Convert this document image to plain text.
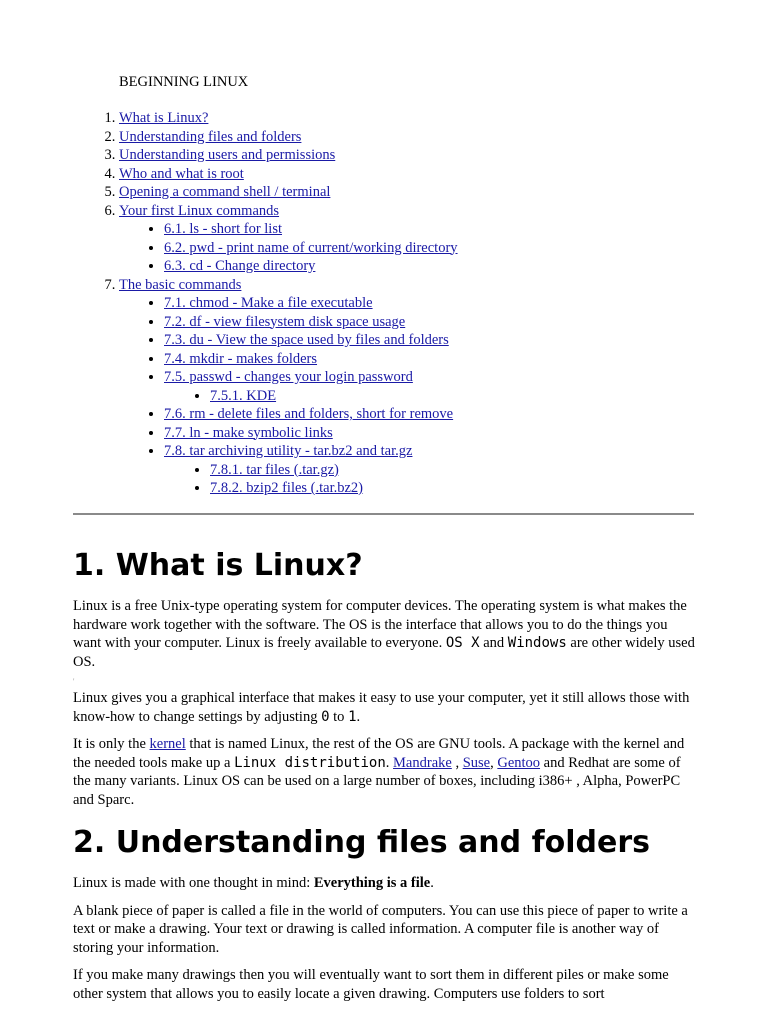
BEGINNING LINUX
1. What is Linux?
2. Understanding files and folders
3. Understanding users and permissions
4. Who and what is root
5. Opening a command shell / terminal
6. Your first Linux commands
• 6.1. ls - short for list
• 6.2. pwd - print name of current/working directory
• 6.3. cd - Change directory
7. The basic commands
• 7.1. chmod - Make a file executable
• 7.2. df - view filesystem disk space usage
• 7.3. du - View the space used by files and folders
• 7.4. mkdir - makes folders
• 7.5. passwd - changes your login password
• 7.5.1. KDE
• 7.6. rm - delete files and folders, short for remove
• 7.7. ln - make symbolic links
• 7.8. tar archiving utility - tar.bz2 and tar.gz
• 7.8.1. tar files (.tar.gz)
• 7.8.2. bzip2 files (.tar.bz2)
1. What is Linux?

Linux is a free Unix-type operating system for computer devices. The operating system is what makes the hardware work together with the software. The OS is the interface that allows you to do the things you want with your computer. Linux is freely available to everyone. OS X and Windows are other widely used OS.

'

Linux gives you a graphical interface that makes it easy to use your computer, yet it still allows those with know-how to change settings by adjusting 0 to 1.

It is only the kernel that is named Linux, the rest of the OS are GNU tools. A package with the kernel and the needed tools make up a Linux distribution. Mandrake , Suse, Gentoo and Redhat are some of the many variants. Linux OS can be used on a large number of boxes, including i386+ , Alpha, PowerPC and Sparc.

2. Understanding files and folders

Linux is made with one thought in mind: Everything is a file.

A blank piece of paper is called a file in the world of computers. You can use this piece of paper to write a text or make a drawing. Your text or drawing is called information. A computer file is another way of storing your information.

If you make many drawings then you will eventually want to sort them in different piles or make some other system that allows you to easily locate a given drawing. Computers use folders to sort
